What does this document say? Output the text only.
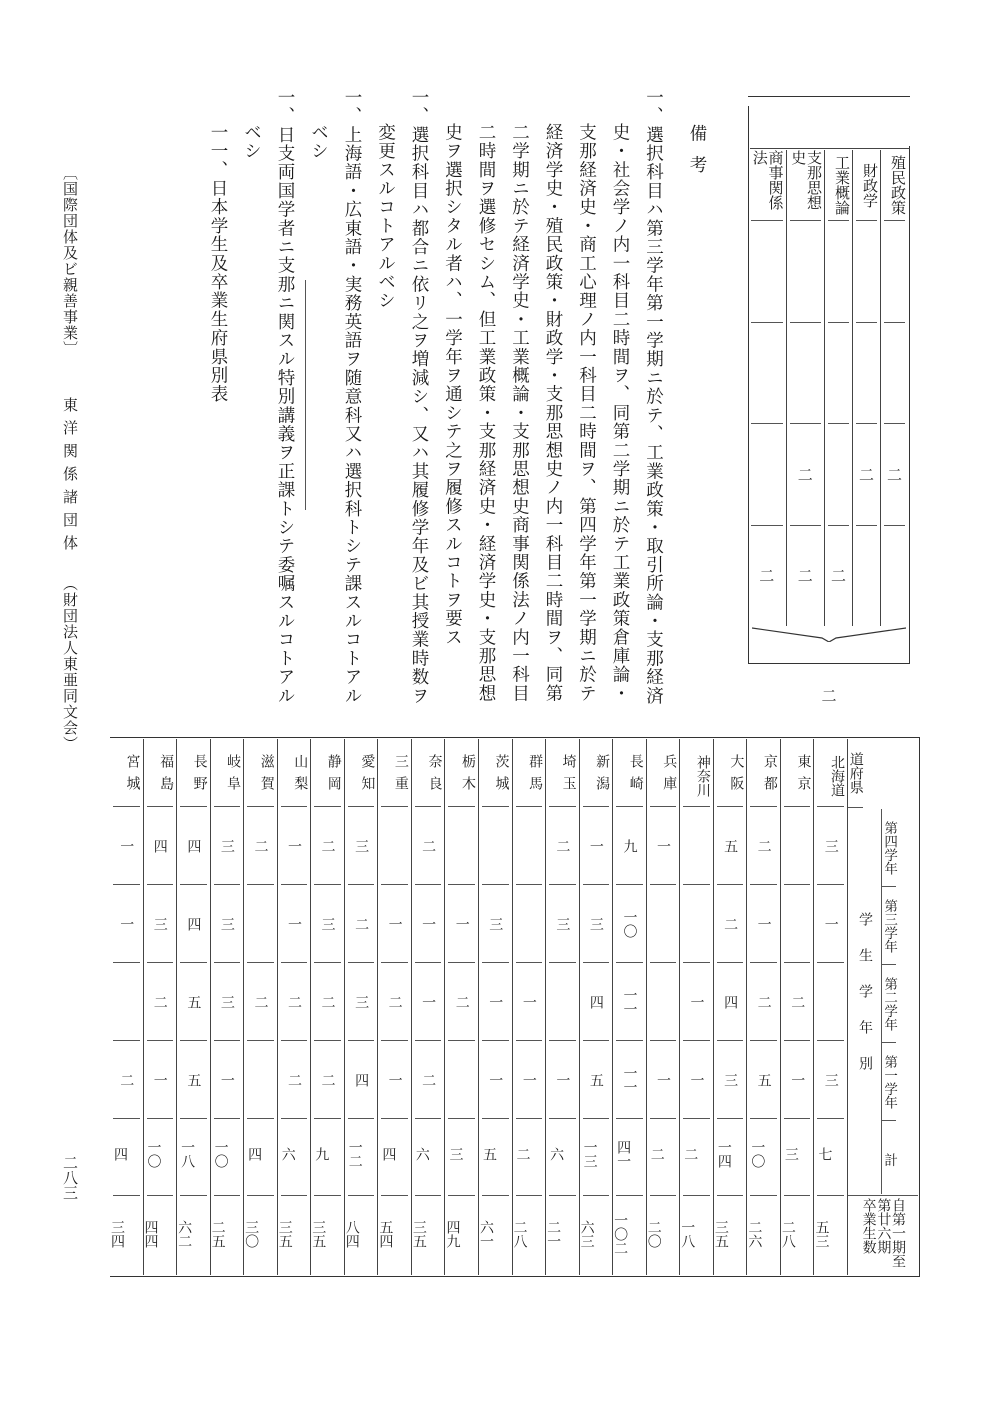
殖民政策
二
財政学
二
工業概論
二
支那思想史
二
二
商事関係法
二
二

備考

一、選択科目ハ第三学年第一学期ニ於テ、工業政策・取引所論・支那経済史・社会学ノ内一科目二時間ヲ、同第二学期ニ於テ工業政策倉庫論・支那経済史・商工心理ノ内一科目二時間ヲ、第四学年第一学期ニ於テ経済学史・殖民政策・財政学・支那思想史ノ内一科目二時間ヲ、同第二学期ニ於テ経済学史・工業概論・支那思想史商事関係法ノ内一科目二時間ヲ選修セシム、但工業政策・支那経済史・経済学史・支那思想史ヲ選択シタル者ハ、一学年ヲ通シテ之ヲ履修スルコトヲ要ス

一、選択科目ハ都合ニ依リ之ヲ増減シ、又ハ其履修学年及ビ其授業時数ヲ変更スルコトアルベシ

一、上海語・広東語・実務英語ヲ随意科又ハ選択科トシテ課スルコトアルベシ

一、日支両国学者ニ支那ニ関スル特別講義ヲ正課トシテ委嘱スルコトアルベシ

一一、日本学生及卒業生府県別表

〔国際団体及ビ親善事業〕東洋関係諸団体（財団法人東亜同文会）
二八三
道府県
第四学年
第三学年
第二学年
第一学年
計
学生学年別
卒業生数
第廿六期
自第一期至
北海道
三
一
三
七
五三
東京
二
一
三
二八
京都
二
一
二
五
一〇
二六
大阪
五
二
四
三
一四
三五
神奈川
一
一
二
一八
兵庫
一
一
二
二〇
長崎
九
一〇
一一
一一
四一
一〇二
新潟
一
三
四
五
一三
六三
埼玉
二
三
一
六
二一
群馬
一
一
二
二八
茨城
三
一
一
五
六一
栃木
一
二
三
四九
奈良
二
一
一
二
六
三五
三重
一
二
一
四
五四
愛知
三
二
三
四
一二
八四
静岡
二
三
二
二
九
三五
山梨
一
一
二
二
六
三五
滋賀
二
二
四
三〇
岐阜
三
三
三
一
一〇
二五
長野
四
四
五
五
一八
六二
福島
四
三
二
一
一〇
四四
宮城
一
一
二
四
三四
